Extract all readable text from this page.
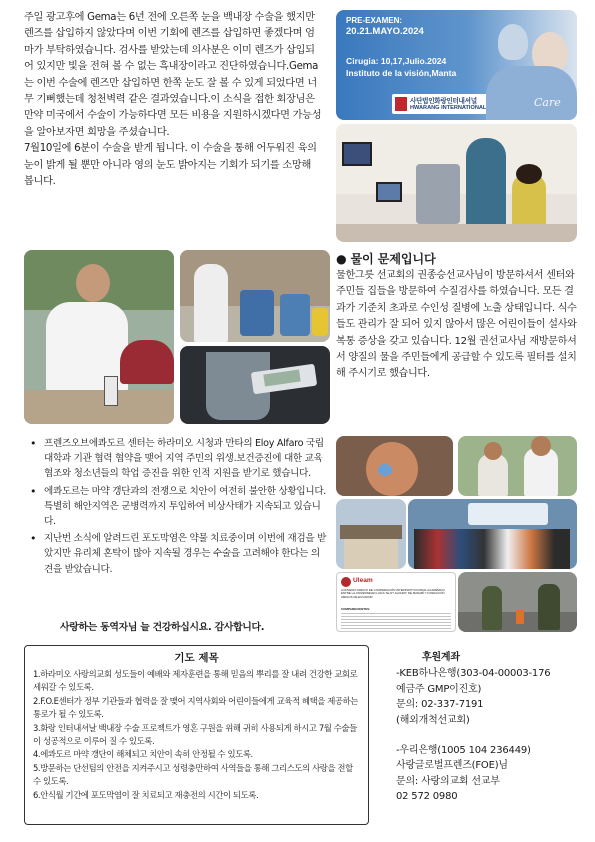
주일 광고후에 Gema는 6년 전에 오른쪽 눈을 백내장 수술을 했지만 렌즈를 삽입하지 않았다며 이번 기회에 렌즈를 삽입하면 좋겠다며 엄마가 부탁하였습니다. 검사를 받았는데 의사분은 이미 렌즈가 삽입되어 있지만 빛을 전혀 볼 수 없는 흑내장이라고 진단하였습니다.Gema는 이번 수술에 렌즈만 삽입하면 한쪽 눈도 잘 볼 수 있게 되었다면 너무 기뻐했는데 청천벽력 같은 결과였습니다.이 소식을 접한 회장님은 만약 미국에서 수술이 가능하다면 모든 비용을 지원하시겠다면 가능성을 알아보자면 희망을 주셨습니다.

7월10일에 6분이 수술을 받게 됩니다. 이 수술을 통해 어두워진 육의 눈이 밝게 될 뿐만 아니라 영의 눈도 밝아지는 기회가 되기를 소망해 봅니다.

PRE-EXAMEN:
20.21.MAYO.2024
Cirugia: 10,17,Julio.2024
Instituto de la visión,Manta
사단법인화랑인터내셔널
HWARANG INTERNATIONAL	Care
● 물이 문제입니다
물한그릇 선교회의 권종승선교사님이 방문하셔서 센터와 주민들 집들을 방문하여 수질검사를 하였습니다. 모든 결과가 기준치 초과로 수인성 질병에 노출 상태입니다. 식수들도 관리가 잘 되어 있지 않아서 많은 어린이들이 설사와 복통 증상을 갖고 있습니다. 12월 권선교사님 재방문하셔서 양질의 물을 주민들에게 공급할 수 있도록 필터를 설치해 주시기로 했습니다.
• 프렌즈오브에콰도르 센터는 하라미오 시청과 만타의 Eloy Alfaro 국립대학과 기관 협력 협약을 맺어 지역 주민의 위생.보건증진에 대한 교육 협조와 청소년들의 학업 증진을 위한 인적 지원을 받기로 했습니다.
• 에콰도르는 마약 갱단과의 전쟁으로 치안이 여전히 불안한 상황입니다.특별히 해안지역은 군병력까지 투입하여 비상사태가 지속되고 있습니다.
• 지난번 소식에 알려드린 포도막염은 약물 치료중이며 이번에 재검을 받았지만 유리체 혼탁이 많아 지속될 경우는 수술을 고려해야 한다는 의견을 받았습니다.
사랑하는 동역자님 늘 건강하십시요. 감사합니다.
Uleam
CONVENIO MARCO DE COOPERACIÓN INTERINSTITUCIONAL ACADÉMICO ENTRE LA UNIVERSIDAD LAICA "ELOY ALFARO" DE MANABÍ Y FUNDACIÓN AMIGOS DE ECUADOR
COMPARECIENTES:
기도 제목
1.하라미오 사랑의교회 성도들이 예배와 제자훈련을 통해 믿음의 뿌리를 잘 내려 건강한 교회로 세워갈 수 있도록.
2.F.O.E센터가 정부 기관들과 협력을 잘 맺어 지역사회와 어린이들에게 교육적 혜택을 제공하는 통로가 될 수 있도록.
3.화랑 인터내셔날 백내장 수술 프로젝트가 영혼 구원을 위해 귀히 사용되게 하시고 7월 수술들이 성공적으로 이루어 질 수 있도록.
4.에콰도르 마약 갱단이 해체되고 치안이 속히 안정될 수 있도록.
5.방문하는 단선팀의 안전을 지켜주시고 성령충만하여 사역들을 통해 그리스도의 사랑을 전할 수 있도록.
6.안식월 기간에 포도막염이 잘 치료되고 재충전의 시간이 되도록.
후원계좌
-KEB하나은행(303-04-00003-176
예금주 GMP이진호)
문의: 02-337-7191
(해외개척선교회)
-우리은행(1005 104 236449)
사랑글로벌프렌즈(FOE)님
문의: 사랑의교회 선교부
02 572 0980
